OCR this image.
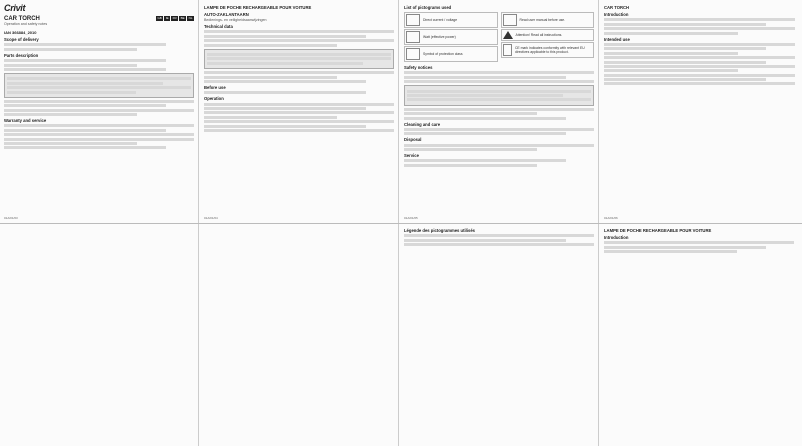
Crivit
CAR TORCH
Operation and safety notes
GB	IE	FR	BE	NL
IAN 366884_2010
Scope of delivery
Parts description
Warranty and service
LAMPE DE POCHE RECHARGEABLE POUR VOITURE
AUTO-ZAKLANTAARN
Bedienings- en veiligheidsaanwijzingen
Technical data
Before use
Operation
List of pictograms used
Direct current / voltage
Watt (effective power)
Symbol of protection class
Read user manual before use.
Attention! Read all instructions.
CE mark indicates conformity with relevant EU directives applicable to this product.
Safety notices
Cleaning and care
Disposal
Service
CAR TORCH
Introduction
Intended use
Légende des pictogrammes utilisés	LAMPE DE POCHE RECHARGEABLE POUR VOITURE
Introduction
01A/01/03	01A/01/04	01A/01/05	01A/01/06
